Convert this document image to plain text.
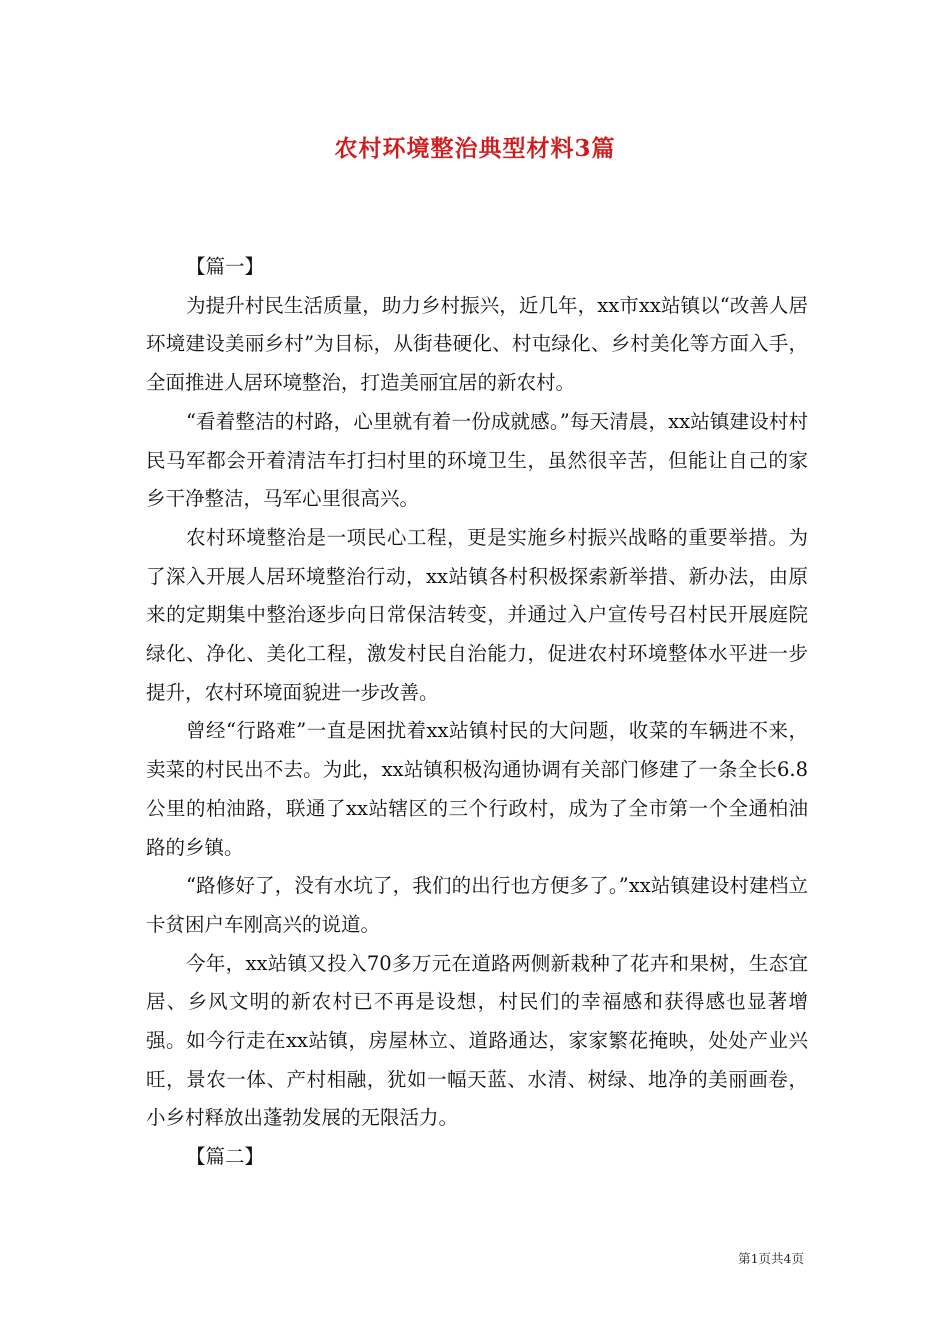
农村环境整治典型材料3篇

【篇一】

为提升村民生活质量，助力乡村振兴，近几年，xx市xx站镇以“改善人居环境建设美丽乡村”为目标，从街巷硬化、村屯绿化、乡村美化等方面入手，全面推进人居环境整治，打造美丽宜居的新农村。

“看着整洁的村路，心里就有着一份成就感。”每天清晨，xx站镇建设村村民马军都会开着清洁车打扫村里的环境卫生，虽然很辛苦，但能让自己的家乡干净整洁，马军心里很高兴。

农村环境整治是一项民心工程，更是实施乡村振兴战略的重要举措。为了深入开展人居环境整治行动，xx站镇各村积极探索新举措、新办法，由原来的定期集中整治逐步向日常保洁转变，并通过入户宣传号召村民开展庭院绿化、净化、美化工程，激发村民自治能力，促进农村环境整体水平进一步提升，农村环境面貌进一步改善。

曾经“行路难”一直是困扰着xx站镇村民的大问题，收菜的车辆进不来，卖菜的村民出不去。为此，xx站镇积极沟通协调有关部门修建了一条全长6.8公里的柏油路，联通了xx站辖区的三个行政村，成为了全市第一个全通柏油路的乡镇。

“路修好了，没有水坑了，我们的出行也方便多了。”xx站镇建设村建档立卡贫困户车刚高兴的说道。

今年，xx站镇又投入70多万元在道路两侧新栽种了花卉和果树，生态宜居、乡风文明的新农村已不再是设想，村民们的幸福感和获得感也显著增强。如今行走在xx站镇，房屋林立、道路通达，家家繁花掩映，处处产业兴旺，景农一体、产村相融，犹如一幅天蓝、水清、树绿、地净的美丽画卷，小乡村释放出蓬勃发展的无限活力。

【篇二】

第1页共4页
